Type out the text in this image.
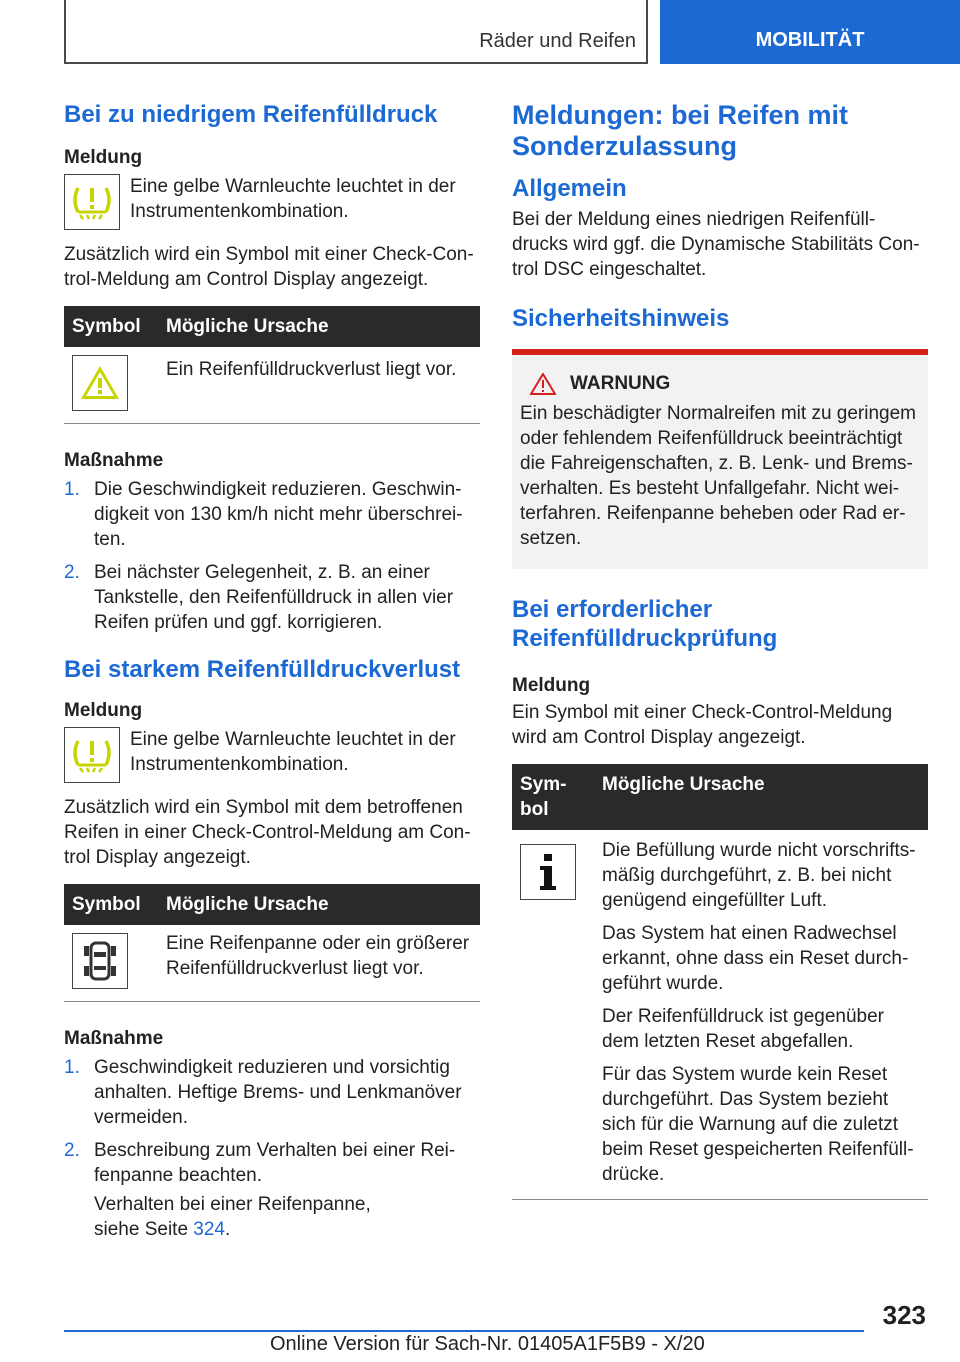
Räder und Reifen	MOBILITÄT
Bei zu niedrigem Reifenfülldruck
Meldung
Eine gelbe Warnleuchte leuchtet in der Instrumentenkombination.
Zusätzlich wird ein Symbol mit einer Check-Con-trol-Meldung am Control Display angezeigt.
Symbol	Mögliche Ursache

	Ein Reifenfülldruckverlust liegt vor.
Maßnahme
1. Die Geschwindigkeit reduzieren. Geschwin-digkeit von 130 km/h nicht mehr überschrei-ten.
2. Bei nächster Gelegenheit, z. B. an einer Tankstelle, den Reifenfülldruck in allen vier Reifen prüfen und ggf. korrigieren.
Bei starkem Reifenfülldruckverlust
Meldung
Eine gelbe Warnleuchte leuchtet in der Instrumentenkombination.
Zusätzlich wird ein Symbol mit dem betroffenen Reifen in einer Check-Control-Meldung am Con-trol Display angezeigt.
Symbol	Mögliche Ursache

	Eine Reifenpanne oder ein größerer Reifenfülldruckverlust liegt vor.
Maßnahme
1. Geschwindigkeit reduzieren und vorsichtig anhalten. Heftige Brems- und Lenkmanöver vermeiden.
2. Beschreibung zum Verhalten bei einer Rei-fenpanne beachten.
Verhalten bei einer Reifenpanne, siehe Seite 324.
Meldungen: bei Reifen mit Sonderzulassung
Allgemein
Bei der Meldung eines niedrigen Reifenfüll-drucks wird ggf. die Dynamische Stabilitäts Con-trol DSC eingeschaltet.
Sicherheitshinweis
WARNUNG
Ein beschädigter Normalreifen mit zu geringem oder fehlendem Reifenfülldruck beeinträchtigt die Fahreigenschaften, z. B. Lenk- und Brems-verhalten. Es besteht Unfallgefahr. Nicht wei-terfahren. Reifenpanne beheben oder Rad er-setzen.
Bei erforderlicher Reifenfülldruckprüfung
Meldung
Ein Symbol mit einer Check-Control-Meldung wird am Control Display angezeigt.
Sym-bol	Mögliche Ursache

Die Befüllung wurde nicht vorschrifts-mäßig durchgeführt, z. B. bei nicht genügend eingefüllter Luft.
Das System hat einen Radwechsel erkannt, ohne dass ein Reset durch-geführt wurde.
Der Reifenfülldruck ist gegenüber dem letzten Reset abgefallen.
Für das System wurde kein Reset durchgeführt. Das System bezieht sich für die Warnung auf die zuletzt beim Reset gespeicherten Reifenfüll-drücke.
323
Online Version für Sach-Nr. 01405A1F5B9 - X/20
